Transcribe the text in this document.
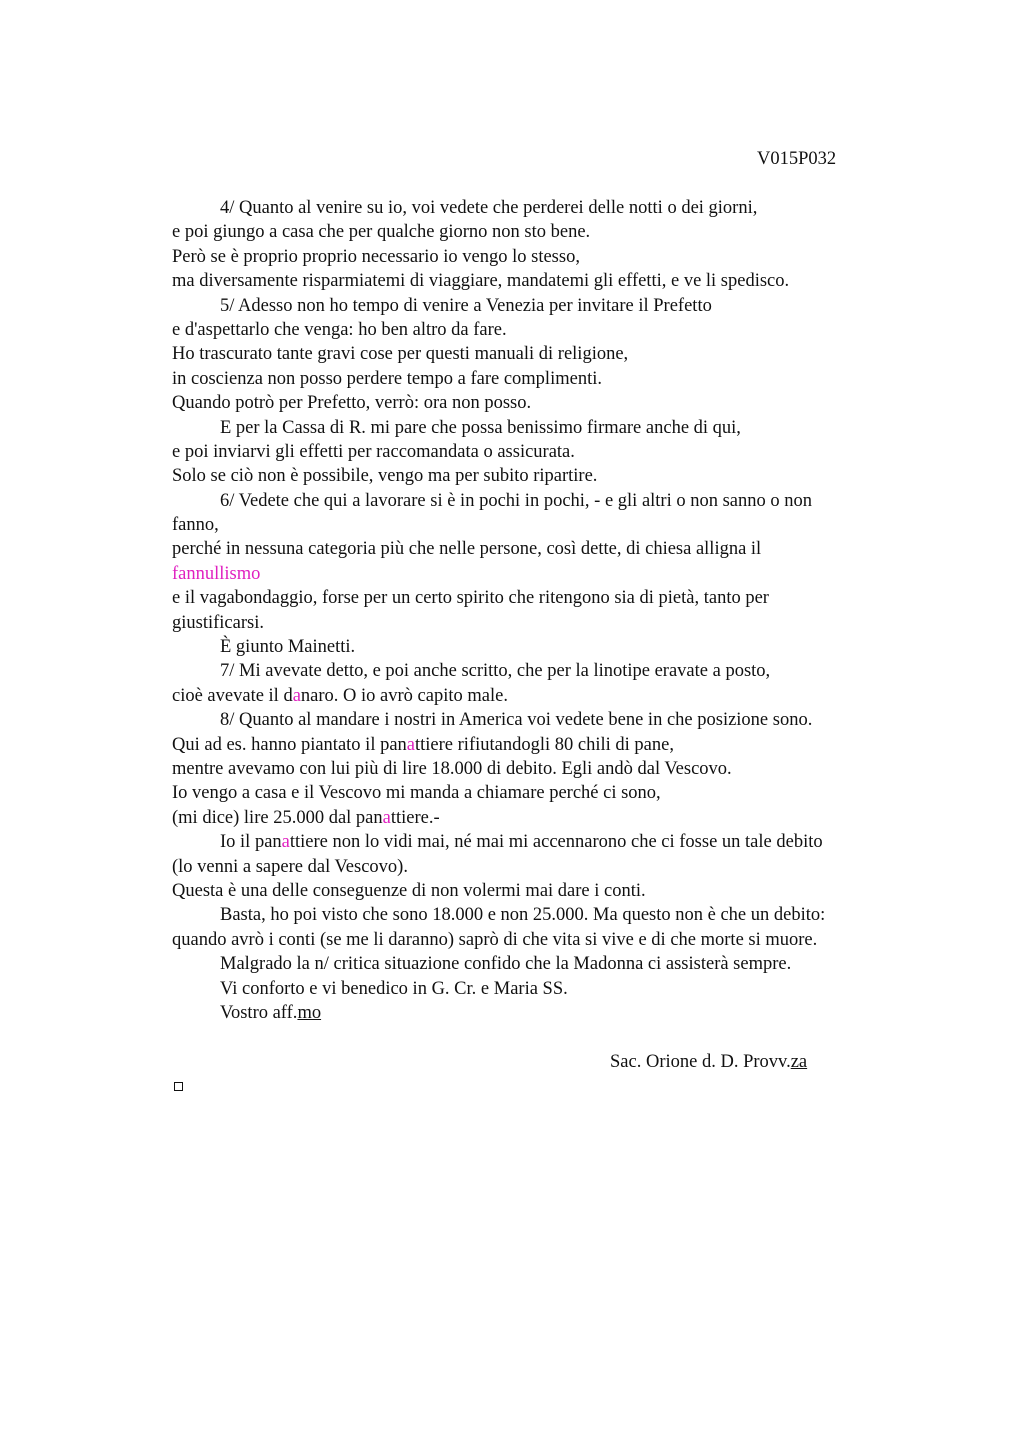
V015P032
4/ Quanto al venire su io, voi vedete che perderei delle notti o dei giorni,
e poi giungo a casa che per qualche giorno non sto bene.
Però se è proprio proprio necessario io vengo lo stesso,
ma diversamente risparmiatemi di viaggiare, mandatemi gli effetti, e ve li spedisco.
5/ Adesso non ho tempo di venire a Venezia per invitare il Prefetto
e d'aspettarlo che venga: ho ben altro da fare.
Ho trascurato tante gravi cose per questi manuali di religione,
in coscienza non posso perdere tempo a fare complimenti.
Quando potrò per Prefetto, verrò: ora non posso.
E per la Cassa di R. mi pare che possa benissimo firmare anche di qui,
e poi inviarvi gli effetti per raccomandata o assicurata.
Solo se ciò non è possibile, vengo ma per subito ripartire.
6/ Vedete che qui a lavorare si è in pochi in pochi, - e gli altri o non sanno o non
fanno,
perché in nessuna categoria più che nelle persone, così dette, di chiesa alligna il
fannullismo
e il vagabondaggio, forse per un certo spirito che ritengono sia di pietà, tanto per
giustificarsi.
È giunto Mainetti.
7/ Mi avevate detto, e poi anche scritto, che per la linotipe eravate a posto,
cioè avevate il danaro. O io avrò capito male.
8/ Quanto al mandare i nostri in America voi vedete bene in che posizione sono.
Qui ad es. hanno piantato il panattiere rifiutandogli 80 chili di pane,
mentre avevamo con lui più di lire 18.000 di debito. Egli andò dal Vescovo.
Io vengo a casa e il Vescovo mi manda a chiamare perché ci sono,
(mi dice) lire 25.000 dal panattiere.-
Io il panattiere non lo vidi mai, né mai mi accennarono che ci fosse un tale debito
(lo venni a sapere dal Vescovo).
Questa è una delle conseguenze di non volermi mai dare i conti.
Basta, ho poi visto che sono 18.000 e non 25.000. Ma questo non è che un debito:
quando avrò i conti (se me li daranno) saprò di che vita si vive e di che morte si muore.
Malgrado la n/ critica situazione confido che la Madonna ci assisterà sempre.
Vi conforto e vi benedico in G. Cr. e Maria SS.
Vostro aff.mo
Sac. Orione d. D. Provv.za
